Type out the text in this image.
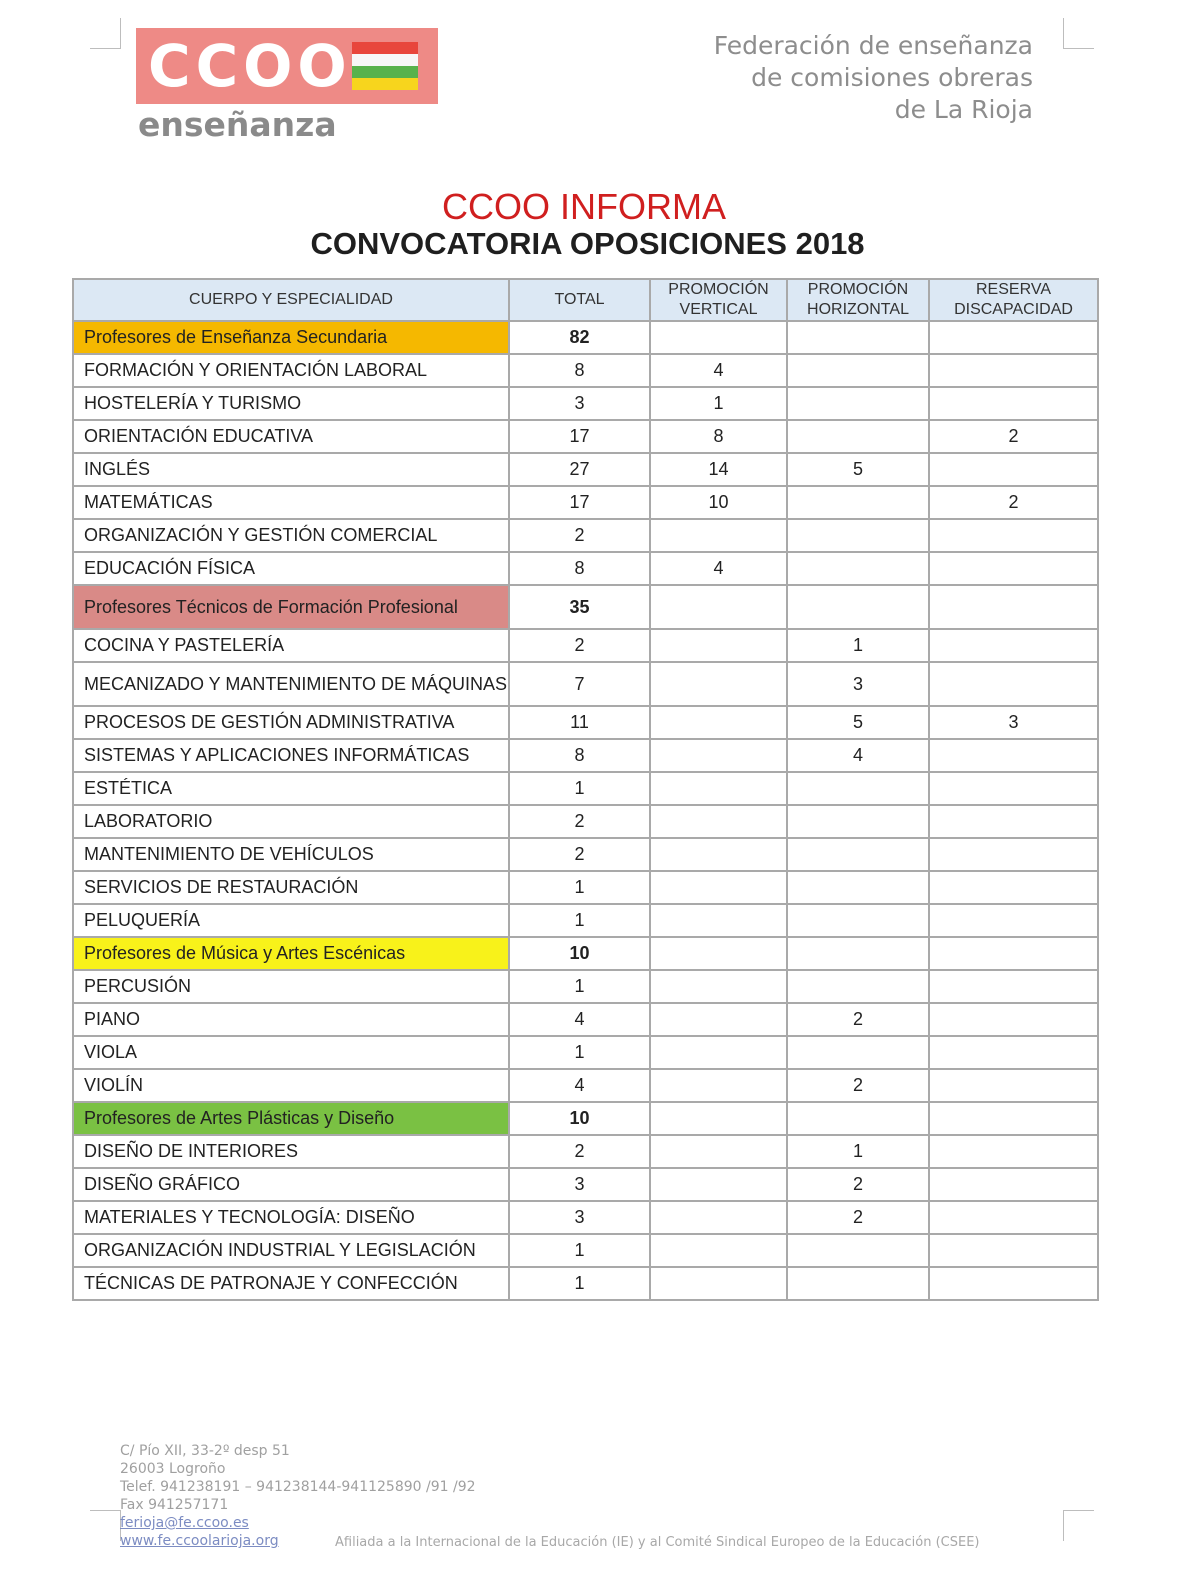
CCOO
enseñanza
Federación de enseñanza
de comisiones obreras
de La Rioja
CCOO INFORMA
CONVOCATORIA OPOSICIONES 2018
CUERPO Y ESPECIALIDAD	TOTAL	PROMOCIÓN VERTICAL	PROMOCIÓN HORIZONTAL	RESERVA DISCAPACIDAD
Profesores de Enseñanza Secundaria	82			
FORMACIÓN Y ORIENTACIÓN LABORAL	8	4		
HOSTELERÍA Y TURISMO	3	1		
ORIENTACIÓN EDUCATIVA	17	8		2
INGLÉS	27	14	5	
MATEMÁTICAS	17	10		2
ORGANIZACIÓN Y GESTIÓN COMERCIAL	2			
EDUCACIÓN FÍSICA	8	4		
Profesores Técnicos de Formación Profesional	35			
COCINA Y PASTELERÍA	2		1	
MECANIZADO Y MANTENIMIENTO DE MÁQUINAS	7		3	
PROCESOS DE GESTIÓN ADMINISTRATIVA	11		5	3
SISTEMAS Y APLICACIONES INFORMÁTICAS	8		4	
ESTÉTICA	1			
LABORATORIO	2			
MANTENIMIENTO DE VEHÍCULOS	2			
SERVICIOS DE RESTAURACIÓN	1			
PELUQUERÍA	1			
Profesores de Música y Artes Escénicas	10			
PERCUSIÓN	1			
PIANO	4		2	
VIOLA	1			
VIOLÍN	4		2	
Profesores de Artes Plásticas y Diseño	10			
DISEÑO DE INTERIORES	2		1	
DISEÑO GRÁFICO	3		2	
MATERIALES Y TECNOLOGÍA: DISEÑO	3		2	
ORGANIZACIÓN INDUSTRIAL Y LEGISLACIÓN	1			
TÉCNICAS DE PATRONAJE Y CONFECCIÓN	1			
C/ Pío XII, 33-2º desp 51
26003 Logroño
Telef. 941238191 – 941238144-941125890 /91 /92
Fax 941257171
ferioja@fe.ccoo.es
www.fe.ccoolarioja.org	Afiliada a la Internacional de la Educación (IE) y al Comité Sindical Europeo de la Educación (CSEE)
